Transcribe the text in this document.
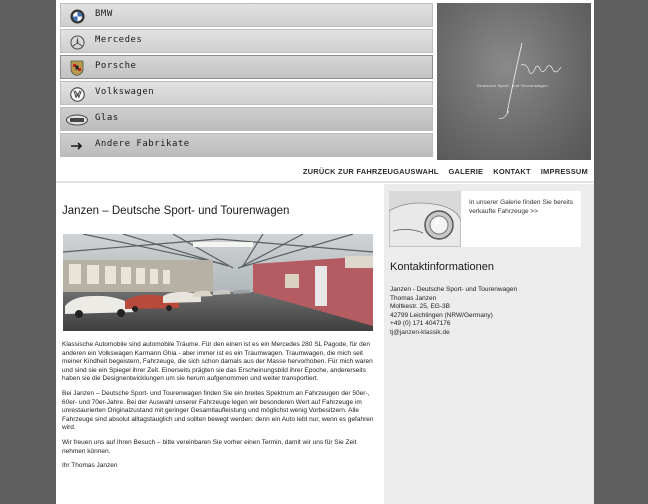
BMW
Mercedes
Porsche
Volkswagen
Glas
Andere Fabrikate
Deutsche Sport- und Tourenwagen
ZURÜCK ZUR FAHRZEUGAUSWAHL GALERIE KONTAKT IMPRESSUM
Janzen – Deutsche Sport- und Tourenwagen

Klassische Automobile sind automobile Träume. Für den einen ist es ein Mercedes 280 SL Pagode, für den anderen ein Volkswagen Karmann Ghia - aber immer ist es ein Traumwagen. Traumwagen, die mich seit meiner Kindheit begeistern, Fahrzeuge, die sich schon damals aus der Masse hervorhoben. Für mich waren und sind sie ein Spiegel ihrer Zeit. Einerseits prägten sie das Erscheinungsbild ihrer Epoche, andererseits haben sie die Designentwicklungen um sie herum aufgenommen und weiter transportiert.

Bei Janzen – Deutsche Sport- und Tourenwagen finden Sie ein breites Spektrum an Fahrzeugen der 50er-, 60er- und 70er-Jahre. Bei der Auswahl unserer Fahrzeuge legen wir besonderen Wert auf Fahrzeuge im unrestaurierten Originalzustand mit geringer Gesamtlaufleistung und möglichst wenig Vorbesitzern. Alle Fahrzeuge sind absolut alltagstauglich und sollten bewegt werden: denn ein Auto lebt nur, wenn es gefahren wird.

Wir freuen uns auf Ihren Besuch – bitte vereinbaren Sie vorher einen Termin, damit wir uns für Sie Zeit nehmen können.

Ihr Thomas Janzen

In unserer Galerie finden Sie bereits verkaufte Fahrzeuge >>
Kontaktinformationen
Janzen - Deutsche Sport- und Tourenwagen
Thomas Janzen
Moltkestr. 25, EG-3B
42799 Leichlingen (NRW/Germany)
+49 (0) 171 4047176
tj@janzen-klassik.de
